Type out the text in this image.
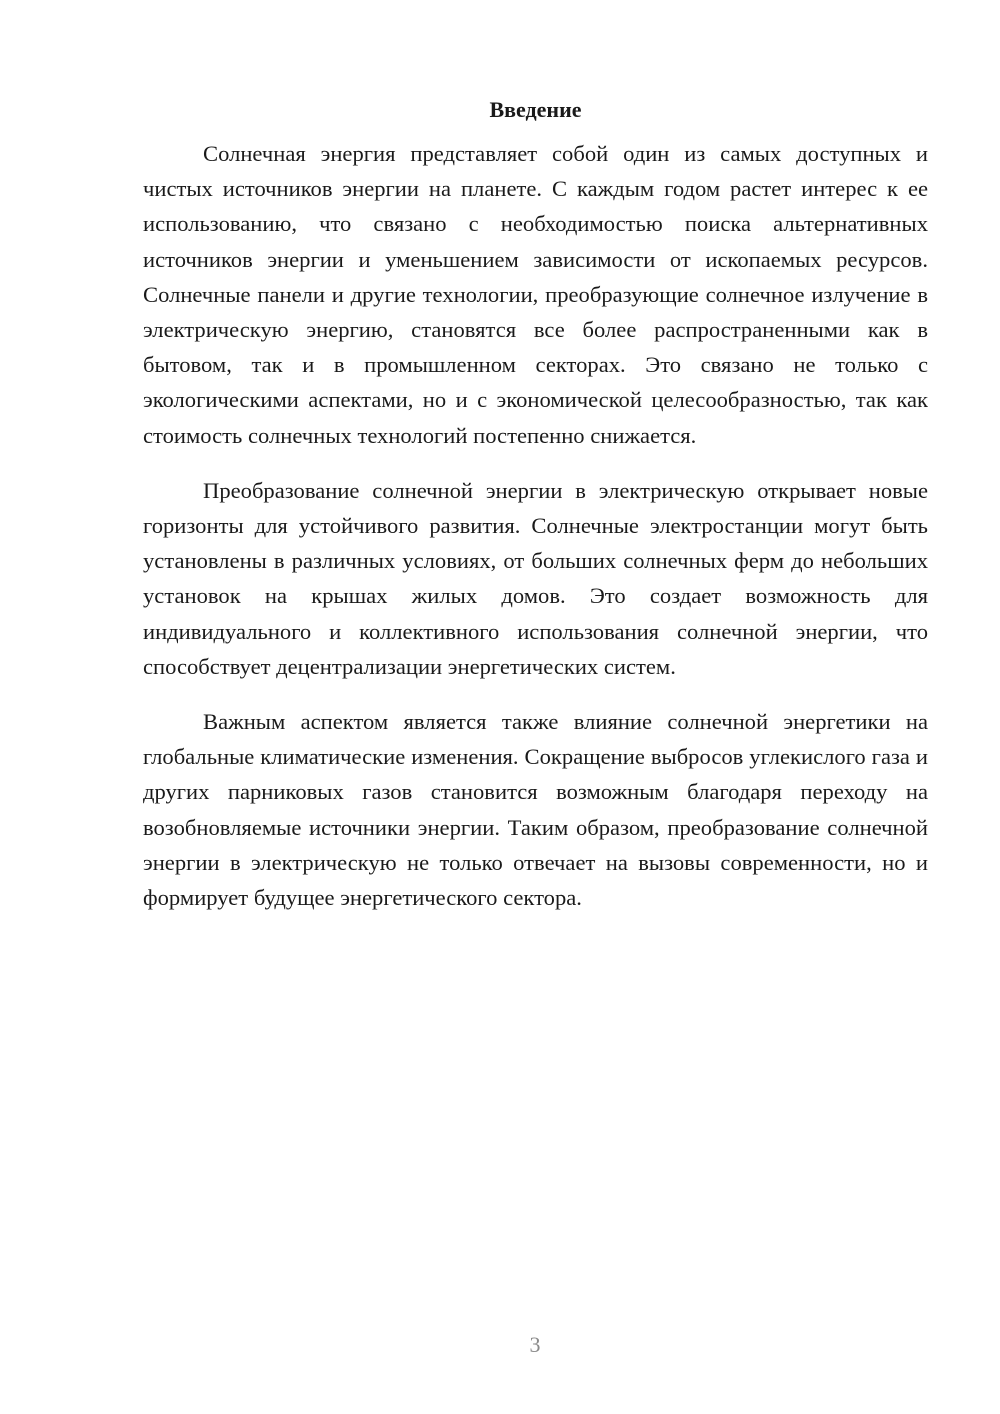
Введение

Солнечная энергия представляет собой один из самых доступных и чистых источников энергии на планете. С каждым годом растет интерес к ее использованию, что связано с необходимостью поиска альтернативных источников энергии и уменьшением зависимости от ископаемых ресурсов. Солнечные панели и другие технологии, преобразующие солнечное излучение в электрическую энергию, становятся все более распространенными как в бытовом, так и в промышленном секторах. Это связано не только с экологическими аспектами, но и с экономической целесообразностью, так как стоимость солнечных технологий постепенно снижается.

Преобразование солнечной энергии в электрическую открывает новые горизонты для устойчивого развития. Солнечные электростанции могут быть установлены в различных условиях, от больших солнечных ферм до небольших установок на крышах жилых домов. Это создает возможность для индивидуального и коллективного использования солнечной энергии, что способствует децентрализации энергетических систем.

Важным аспектом является также влияние солнечной энергетики на глобальные климатические изменения. Сокращение выбросов углекислого газа и других парниковых газов становится возможным благодаря переходу на возобновляемые источники энергии. Таким образом, преобразование солнечной энергии в электрическую не только отвечает на вызовы современности, но и формирует будущее энергетического сектора.

3
